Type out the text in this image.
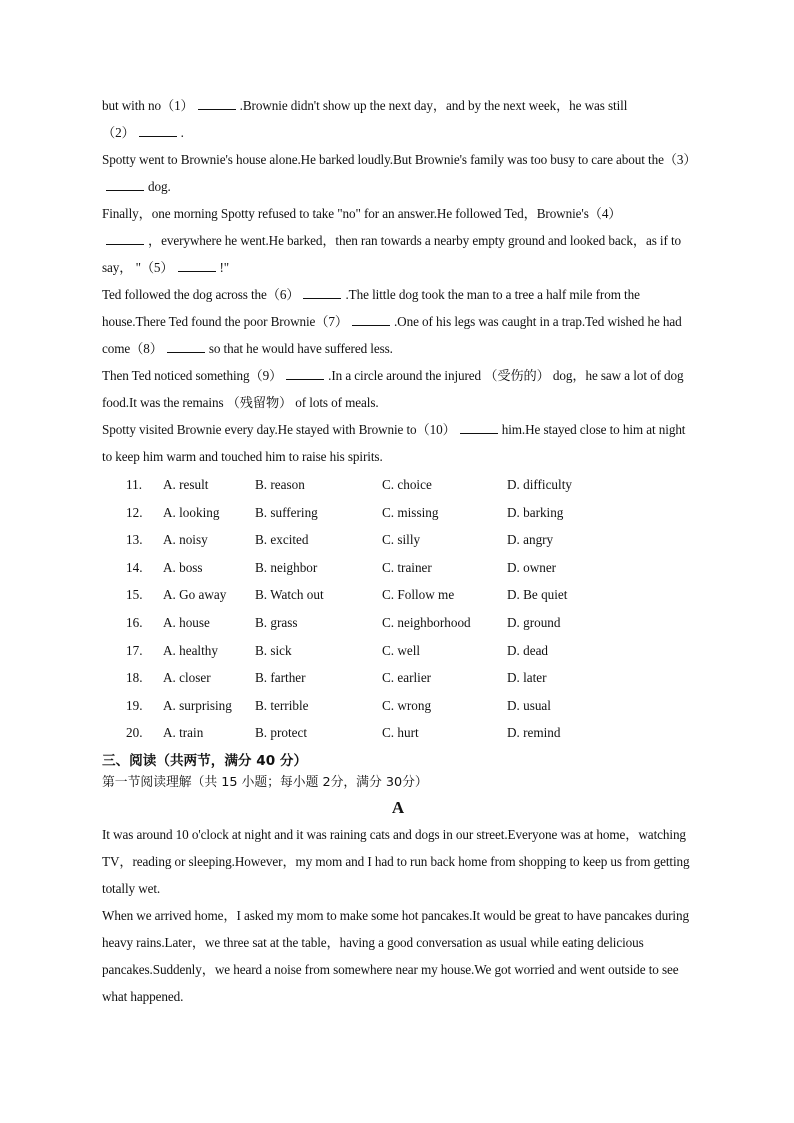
but with no（1）	.Brownie didn't show up the next day，and by the next week，he was still
（2）	.

Spotty went to Brownie's house alone.He barked loudly.But Brownie's family was too busy to care about the（3）dog.

Finally，one morning Spotty refused to take "no" for an answer.He followed Ted，Brownie's（4）
，everywhere he went.He barked，then ran towards a nearby empty ground and looked back，as if to say， "（5）	!"

Ted followed the dog across the（6）	.The little dog took the man to a tree a half mile from the house.There Ted found the poor Brownie（7）	.One of his legs was caught in a trap.Ted wished he had come（8）	so that he would have suffered less.

Then Ted noticed something（9）	.In a circle around the injured （受伤的） dog，he saw a lot of dog food.It was the remains （残留物） of lots of meals.

Spotty visited Brownie every day.He stayed with Brownie to（10）	him.He stayed close to him at night to keep him warm and touched him to raise his spirits.

11. A. result	B. reason	C. choice	D. difficulty
12. A. looking	B. suffering	C. missing	D. barking
13. A. noisy	B. excited	C. silly	D. angry
14. A. boss	B. neighbor	C. trainer	D. owner
15. A. Go away B. Watch out	C. Follow me	D. Be quiet
16. A. house	B. grass	C. neighborhood	D. ground
17. A. healthy	B. sick	C. well	D. dead
18. A. closer	B. farther	C. earlier	D. later
19. A. surprising B. terrible	C. wrong	D. usual
20. A. train	B. protect	C. hurt	D. remind

三、阅读（共两节，满分 40 分）

第一节阅读理解（共 15 小题；每小题 2分，满分 30分）

A

It was around 10 o'clock at night and it was raining cats and dogs in our street.Everyone was at home，watching TV，reading or sleeping.However，my mom and I had to run back home from shopping to keep us from getting totally wet.

When we arrived home，I asked my mom to make some hot pancakes.It would be great to have pancakes during heavy rains.Later，we three sat at the table，having a good conversation as usual while eating delicious pancakes.Suddenly，we heard a noise from somewhere near my house.We got worried and went outside to see what happened.
